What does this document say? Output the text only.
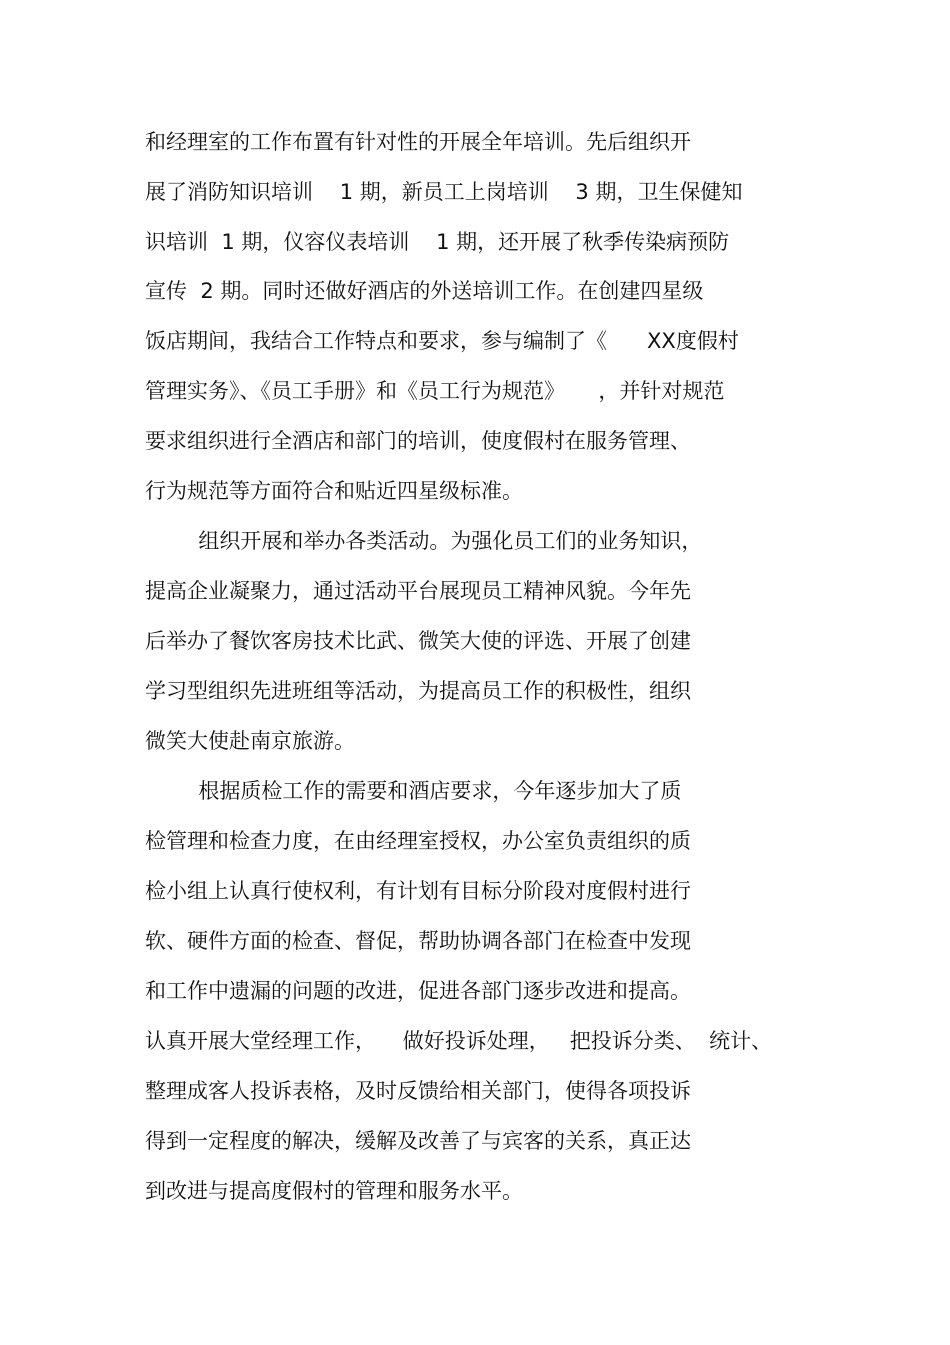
和经理室的工作布置有针对性的开展全年培训。先后组织开
展了消防知识培训    1 期，新员工上岗培训    3 期，卫生保健知
识培训  1 期，仪容仪表培训    1 期，还开展了秋季传染病预防
宣传  2 期。同时还做好酒店的外送培训工作。在创建四星级
饭店期间，我结合工作特点和要求，参与编制了《      XX度假村
管理实务》、《员工手册》和《员工行为规范》     ，并针对规范
要求组织进行全酒店和部门的培训，使度假村在服务管理、
行为规范等方面符合和贴近四星级标准。
组织开展和举办各类活动。为强化员工们的业务知识，
提高企业凝聚力，通过活动平台展现员工精神风貌。今年先
后举办了餐饮客房技术比武、微笑大使的评选、开展了创建
学习型组织先进班组等活动，为提高员工作的积极性，组织
微笑大使赴南京旅游。
根据质检工作的需要和酒店要求，今年逐步加大了质
检管理和检查力度，在由经理室授权，办公室负责组织的质
检小组上认真行使权利，有计划有目标分阶段对度假村进行
软、硬件方面的检查、督促，帮助协调各部门在检查中发现
和工作中遗漏的问题的改进，促进各部门逐步改进和提高。
认真开展大堂经理工作，    做好投诉处理，   把投诉分类、  统计、
整理成客人投诉表格，及时反馈给相关部门，使得各项投诉
得到一定程度的解决，缓解及改善了与宾客的关系，真正达
到改进与提高度假村的管理和服务水平。
